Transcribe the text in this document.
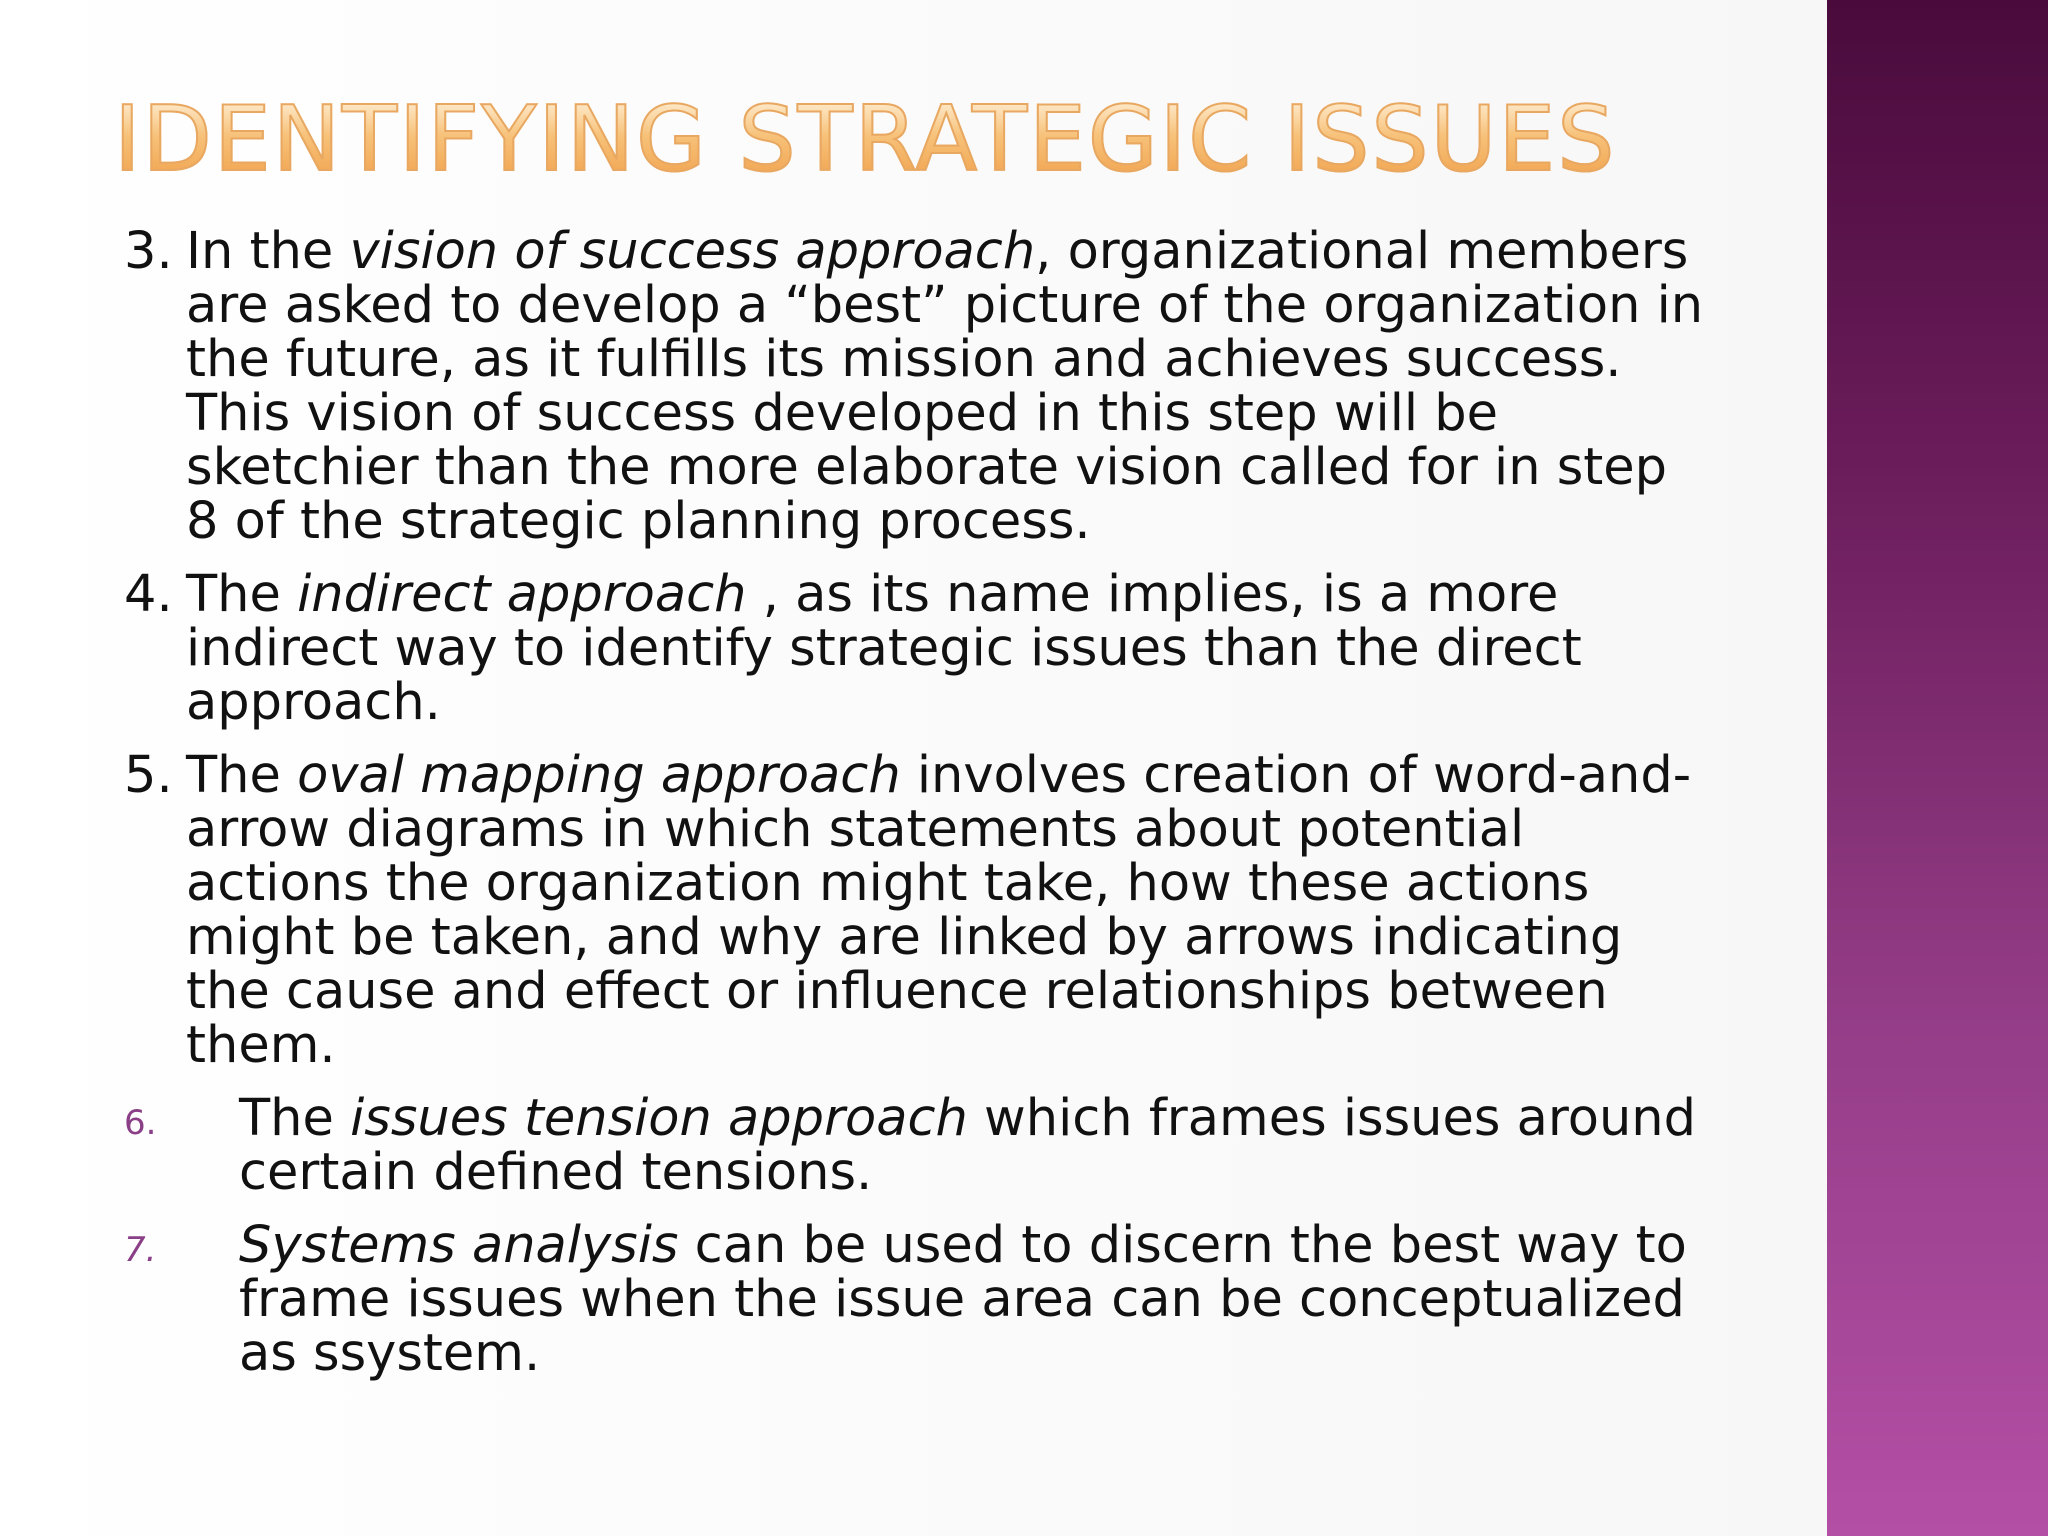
IDENTIFYING STRATEGIC ISSUES

3. In the vision of success approach, organizational members are asked to develop a “best” picture of the organization in the future, as it fulfills its mission and achieves success. This vision of success developed in this step will be sketchier than the more elaborate vision called for in step 8 of the strategic planning process.

4. The indirect approach , as its name implies, is a more indirect way to identify strategic issues than the direct approach.

5. The oval mapping approach involves creation of word-and-arrow diagrams in which statements about potential actions the organization might take, how these actions might be taken, and why are linked by arrows indicating the cause and effect or influence relationships between them.

6. The issues tension approach which frames issues around certain defined tensions.

7. Systems analysis can be used to discern the best way to frame issues when the issue area can be conceptualized as ssystem.
